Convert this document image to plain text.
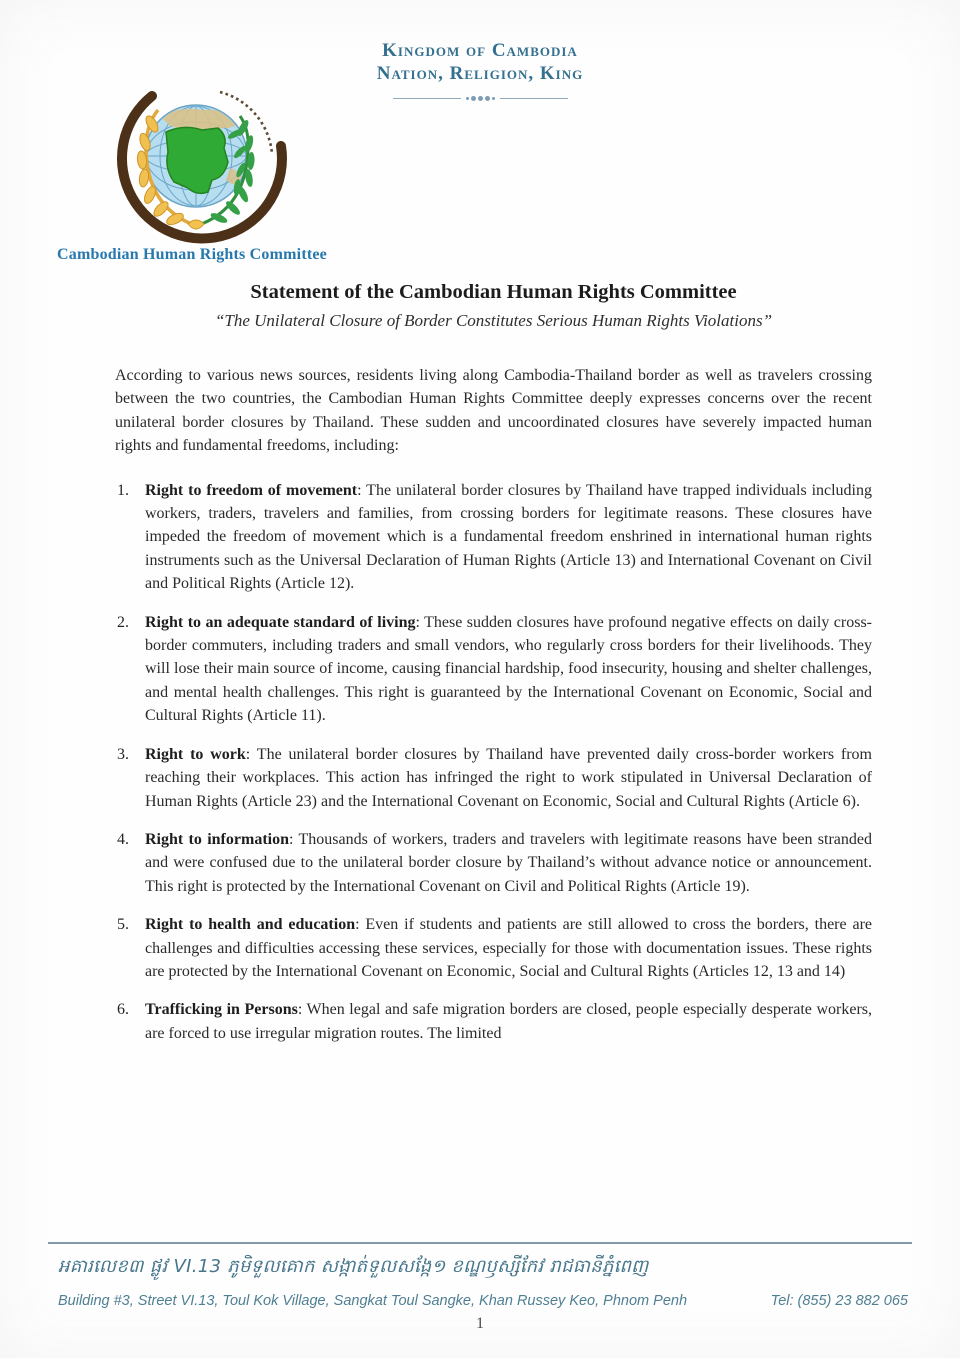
Kingdom of Cambodia
Nation, Religion, King
Cambodian Human Rights Committee
Statement of the Cambodian Human Rights Committee
“The Unilateral Closure of Border Constitutes Serious Human Rights Violations”

According to various news sources, residents living along Cambodia-Thailand border as well as travelers crossing between the two countries, the Cambodian Human Rights Committee deeply expresses concerns over the recent unilateral border closures by Thailand. These sudden and uncoordinated closures have severely impacted human rights and fundamental freedoms, including:

1.	Right to freedom of movement: The unilateral border closures by Thailand have trapped individuals including workers, traders, travelers and families, from crossing borders for legitimate reasons. These closures have impeded the freedom of movement which is a fundamental freedom enshrined in international human rights instruments such as the Universal Declaration of Human Rights (Article 13) and International Covenant on Civil and Political Rights (Article 12).
2.	Right to an adequate standard of living: These sudden closures have profound negative effects on daily cross-border commuters, including traders and small vendors, who regularly cross borders for their livelihoods. They will lose their main source of income, causing financial hardship, food insecurity, housing and shelter challenges, and mental health challenges. This right is guaranteed by the International Covenant on Economic, Social and Cultural Rights (Article 11).
3.	Right to work: The unilateral border closures by Thailand have prevented daily cross-border workers from reaching their workplaces. This action has infringed the right to work stipulated in Universal Declaration of Human Rights (Article 23) and the International Covenant on Economic, Social and Cultural Rights (Article 6).
4.	Right to information: Thousands of workers, traders and travelers with legitimate reasons have been stranded and were confused due to the unilateral border closure by Thailand’s without advance notice or announcement. This right is protected by the International Covenant on Civil and Political Rights (Article 19).
5.	Right to health and education: Even if students and patients are still allowed to cross the borders, there are challenges and difficulties accessing these services, especially for those with documentation issues. These rights are protected by the International Covenant on Economic, Social and Cultural Rights (Articles 12, 13 and 14)
6.	Trafficking in Persons: When legal and safe migration borders are closed, people especially desperate workers, are forced to use irregular migration routes. The limited
អគារលេខ៣ ផ្លូវ VI.13 ភូមិទួលគោក សង្កាត់ទួលសង្កែ១ ខណ្ឌឫស្សីកែវ រាជធានីភ្នំពេញ
Building #3, Street VI.13, Toul Kok Village, Sangkat Toul Sangke, Khan Russey Keo, Phnom Penh	Tel: (855) 23 882 065
1
